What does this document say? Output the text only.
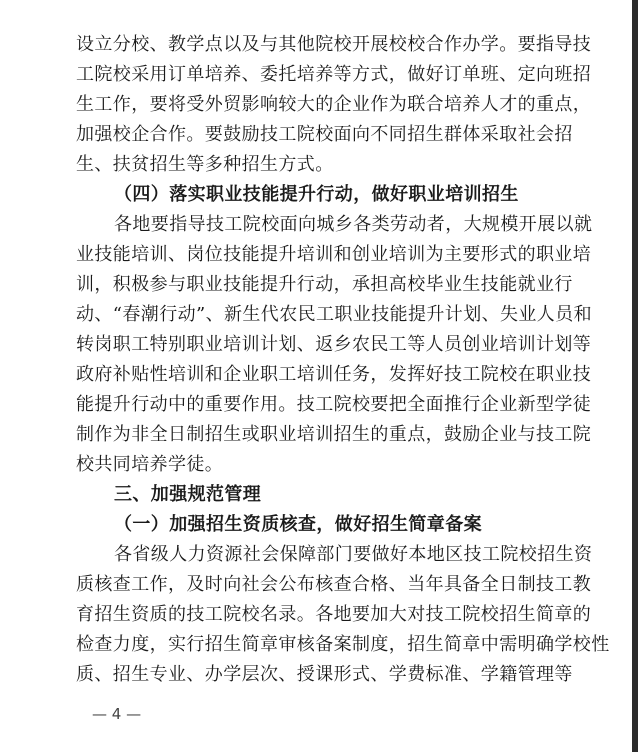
设立分校、教学点以及与其他院校开展校校合作办学。要指导技
工院校采用订单培养、委托培养等方式，做好订单班、定向班招
生工作，要将受外贸影响较大的企业作为联合培养人才的重点，
加强校企合作。要鼓励技工院校面向不同招生群体采取社会招
生、扶贫招生等多种招生方式。
（四）落实职业技能提升行动，做好职业培训招生
各地要指导技工院校面向城乡各类劳动者，大规模开展以就
业技能培训、岗位技能提升培训和创业培训为主要形式的职业培
训，积极参与职业技能提升行动，承担高校毕业生技能就业行
动、“春潮行动”、新生代农民工职业技能提升计划、失业人员和
转岗职工特别职业培训计划、返乡农民工等人员创业培训计划等
政府补贴性培训和企业职工培训任务，发挥好技工院校在职业技
能提升行动中的重要作用。技工院校要把全面推行企业新型学徒
制作为非全日制招生或职业培训招生的重点，鼓励企业与技工院
校共同培养学徒。
三、加强规范管理
（一）加强招生资质核查，做好招生简章备案
各省级人力资源社会保障部门要做好本地区技工院校招生资
质核查工作，及时向社会公布核查合格、当年具备全日制技工教
育招生资质的技工院校名录。各地要加大对技工院校招生简章的
检查力度，实行招生简章审核备案制度，招生简章中需明确学校性
质、招生专业、办学层次、授课形式、学费标准、学籍管理等
— 4 —
